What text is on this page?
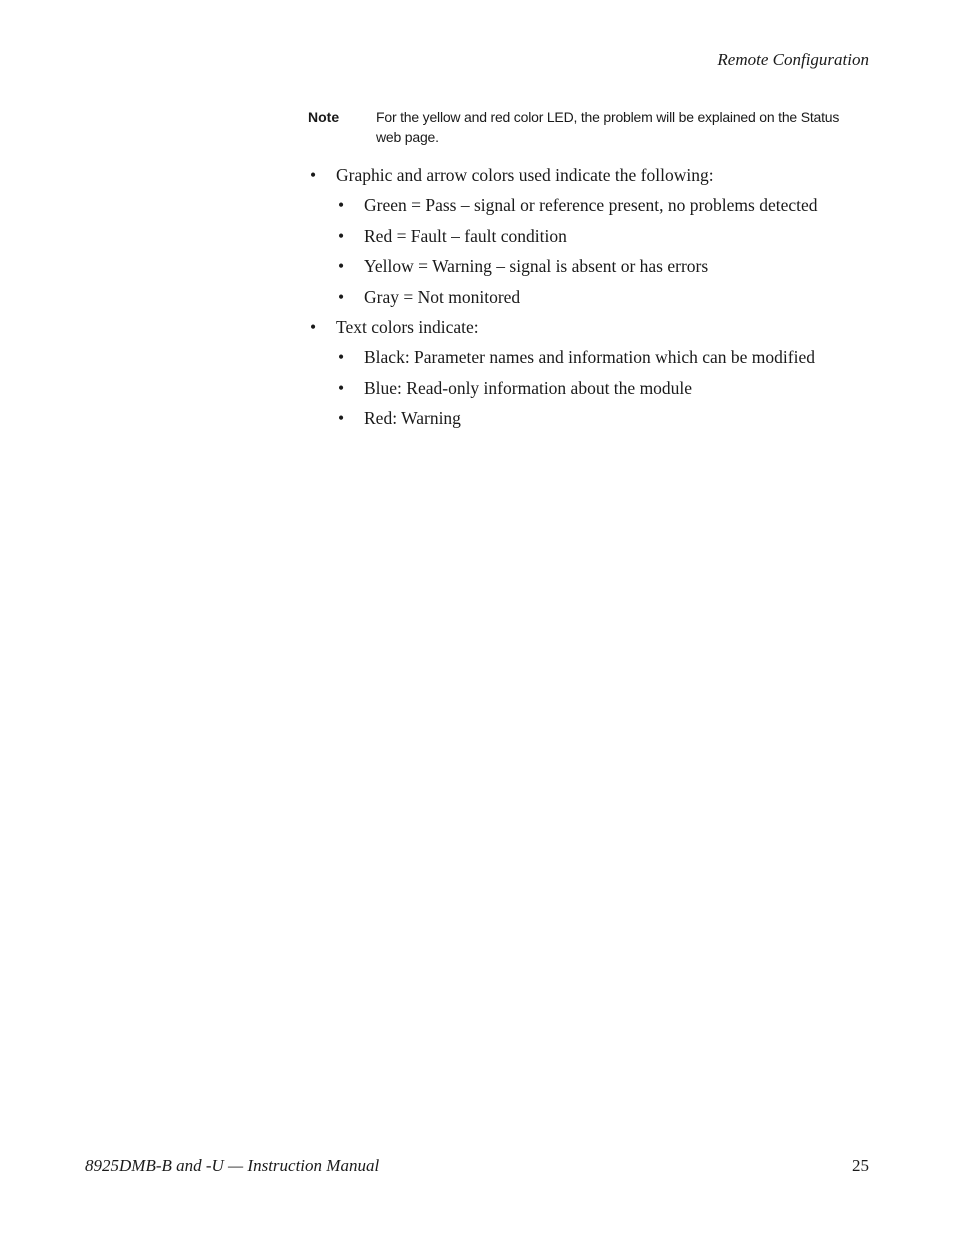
Remote Configuration
Note	For the yellow and red color LED, the problem will be explained on the Status web page.
• Graphic and arrow colors used indicate the following:
• Green = Pass – signal or reference present, no problems detected
• Red = Fault – fault condition
• Yellow = Warning – signal is absent or has errors
• Gray = Not monitored
• Text colors indicate:
• Black: Parameter names and information which can be modified
• Blue: Read-only information about the module
• Red: Warning
8925DMB-B and -U — Instruction Manual	25
